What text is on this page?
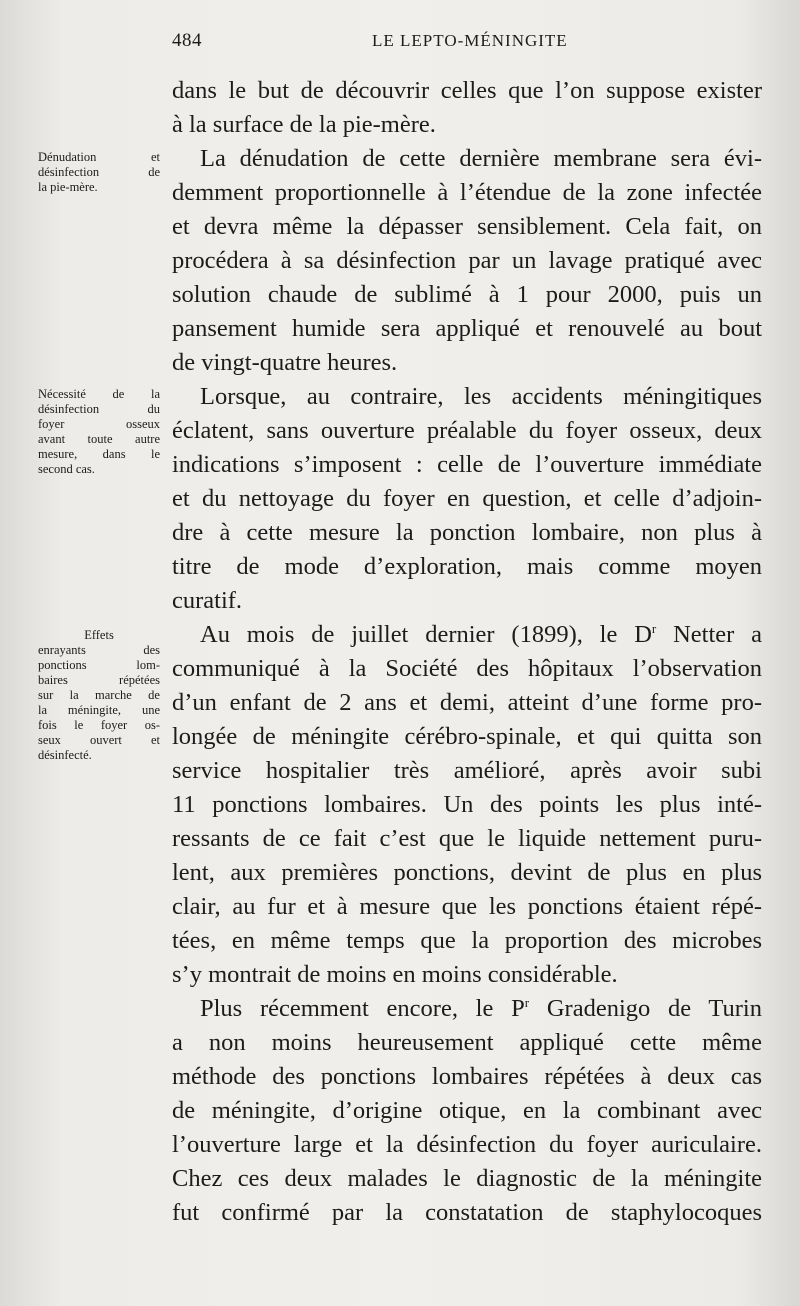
484	LE LEPTO-MÉNINGITE
Dénudation et
désinfection de
la pie-mère.
Nécessité de la
désinfection du
foyer osseux
avant toute autre
mesure, dans le
second cas.
Effets
enrayants des
ponctions lom-
baires répétées
sur la marche de
la méningite, une
fois le foyer os-
seux ouvert et
désinfecté.
dans le but de découvrir celles que l’on suppose exister
à la surface de la pie-mère.
La dénudation de cette dernière membrane sera évi-
demment proportionnelle à l’étendue de la zone infectée
et devra même la dépasser sensiblement. Cela fait, on
procédera à sa désinfection par un lavage pratiqué avec
solution chaude de sublimé à 1 pour 2000, puis un
pansement humide sera appliqué et renouvelé au bout
de vingt-quatre heures.
Lorsque, au contraire, les accidents méningitiques
éclatent, sans ouverture préalable du foyer osseux, deux
indications s’imposent : celle de l’ouverture immédiate
et du nettoyage du foyer en question, et celle d’adjoin-
dre à cette mesure la ponction lombaire, non plus à
titre de mode d’exploration, mais comme moyen
curatif.
Au mois de juillet dernier (1899), le $D^r$ Netter a
communiqué à la Société des hôpitaux l’observation
d’un enfant de 2 ans et demi, atteint d’une forme pro-
longée de méningite cérébro-spinale, et qui quitta son
service hospitalier très amélioré, après avoir subi
11 ponctions lombaires. Un des points les plus inté-
ressants de ce fait c’est que le liquide nettement puru-
lent, aux premières ponctions, devint de plus en plus
clair, au fur et à mesure que les ponctions étaient répé-
tées, en même temps que la proportion des microbes
s’y montrait de moins en moins considérable.
Plus récemment encore, le $P^r$ Gradenigo de Turin
a non moins heureusement appliqué cette même
méthode des ponctions lombaires répétées à deux cas
de méningite, d’origine otique, en la combinant avec
l’ouverture large et la désinfection du foyer auriculaire.
Chez ces deux malades le diagnostic de la méningite
fut confirmé par la constatation de staphylocoques
